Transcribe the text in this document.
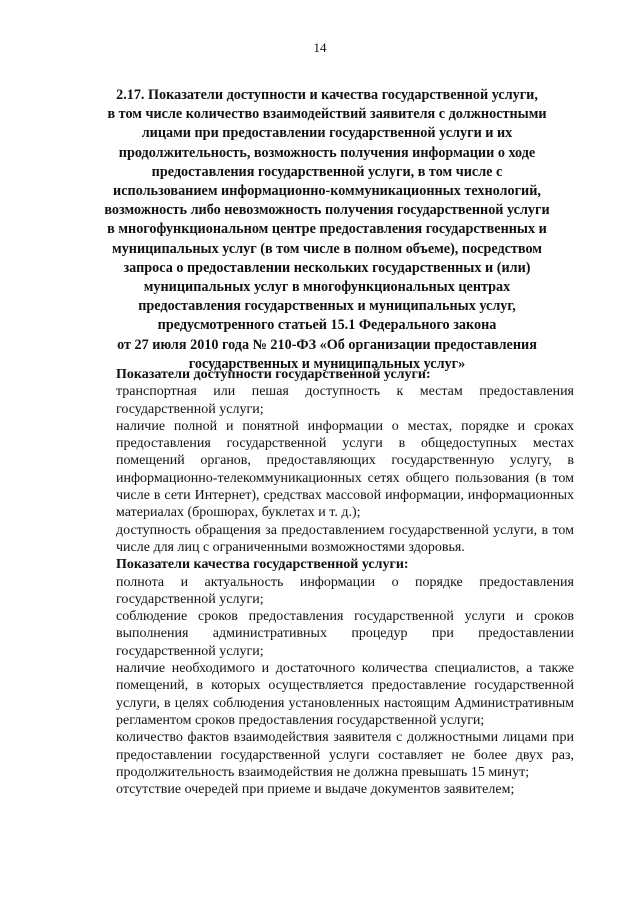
14
2.17. Показатели доступности и качества государственной услуги,
в том числе количество взаимодействий заявителя с должностными
лицами при предоставлении государственной услуги и их
продолжительность, возможность получения информации о ходе
предоставления государственной услуги, в том числе с
использованием информационно-коммуникационных технологий,
возможность либо невозможность получения государственной услуги
в многофункциональном центре предоставления государственных и
муниципальных услуг (в том числе в полном объеме), посредством
запроса о предоставлении нескольких государственных и (или)
муниципальных услуг в многофункциональных центрах
предоставления государственных и муниципальных услуг,
предусмотренного статьей 15.1 Федерального закона
от 27 июля 2010 года № 210-ФЗ «Об организации предоставления
государственных и муниципальных услуг»

Показатели доступности государственной услуги:

транспортная или пешая доступность к местам предоставления государственной услуги;

наличие полной и понятной информации о местах, порядке и сроках предоставления государственной услуги в общедоступных местах помещений органов, предоставляющих государственную услугу, в информационно-телекоммуникационных сетях общего пользования (в том числе в сети Интернет), средствах массовой информации, информационных материалах (брошюрах, буклетах и т. д.);

доступность обращения за предоставлением государственной услуги, в том числе для лиц с ограниченными возможностями здоровья.

Показатели качества государственной услуги:

полнота и актуальность информации о порядке предоставления государственной услуги;

соблюдение сроков предоставления государственной услуги и сроков выполнения административных процедур при предоставлении государственной услуги;

наличие необходимого и достаточного количества специалистов, а также помещений, в которых осуществляется предоставление государственной услуги, в целях соблюдения установленных настоящим Административным регламентом сроков предоставления государственной услуги;

количество фактов взаимодействия заявителя с должностными лицами при предоставлении государственной услуги составляет не более двух раз, продолжительность взаимодействия не должна превышать 15 минут;

отсутствие очередей при приеме и выдаче документов заявителем;
